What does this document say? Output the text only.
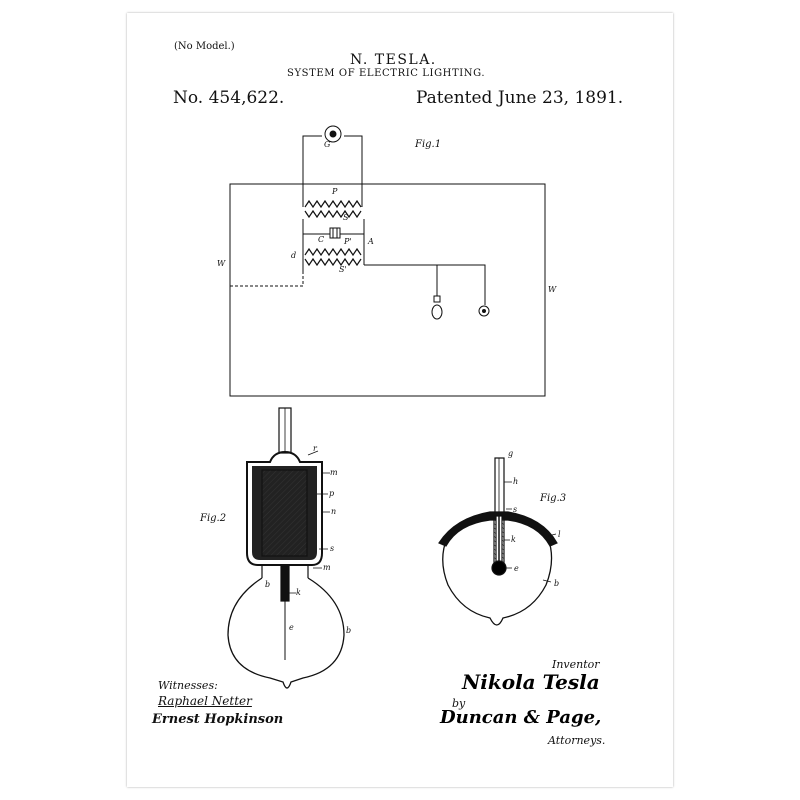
(No Model.)
N. TESLA.
SYSTEM OF ELECTRIC LIGHTING.
No. 454,622.	Patented June 23, 1891.
Fig.1
Fig.2
Fig.3
G
P
S
C P' A
d
S'
W
W
r
m
p
n
s
m
b
k
e	b
g
h
s
l
k
e
b
Witnesses:
Raphael Netter
Ernest Hopkinson
Inventor
Nikola Tesla
by
Duncan & Page,
Attorneys.
